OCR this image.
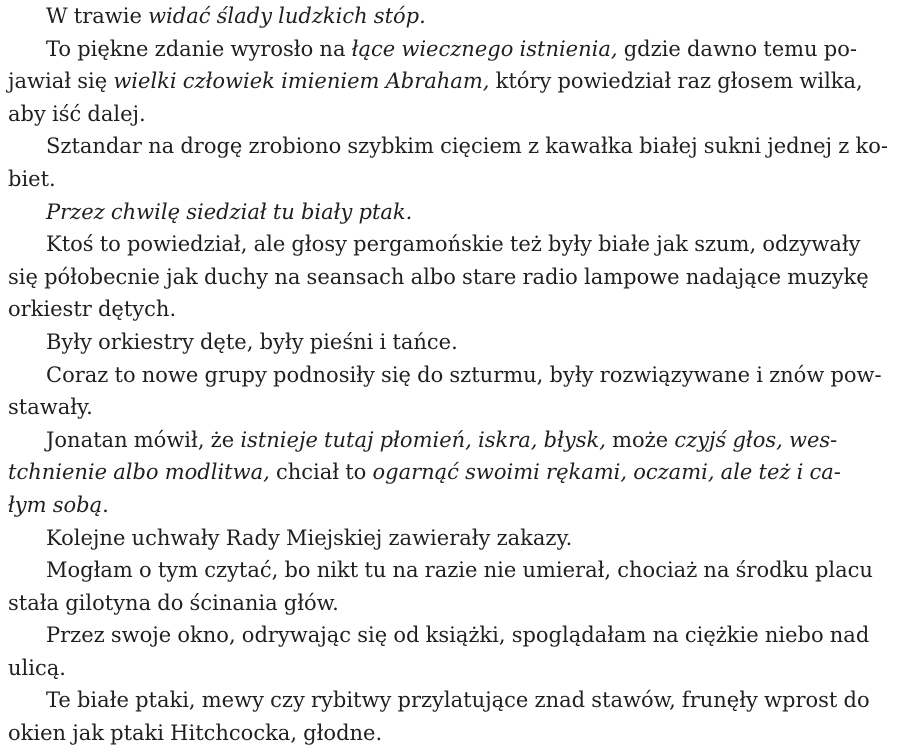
W trawie widać ślady ludzkich stóp.

To piękne zdanie wyrosło na łące wiecznego istnienia, gdzie dawno temu po-
jawiał się wielki człowiek imieniem Abraham, który powiedział raz głosem wilka,
aby iść dalej.

Sztandar na drogę zrobiono szybkim cięciem z kawałka białej sukni jednej z ko-
biet.

Przez chwilę siedział tu biały ptak.

Ktoś to powiedział, ale głosy pergamońskie też były białe jak szum, odzywały
się półobecnie jak duchy na seansach albo stare radio lampowe nadające muzykę
orkiestr dętych.

Były orkiestry dęte, były pieśni i tańce.

Coraz to nowe grupy podnosiły się do szturmu, były rozwiązywane i znów pow-
stawały.

Jonatan mówił, że istnieje tutaj płomień, iskra, błysk, może czyjś głos, wes-
tchnienie albo modlitwa, chciał to ogarnąć swoimi rękami, oczami, ale też i ca-
łym sobą.

Kolejne uchwały Rady Miejskiej zawierały zakazy.

Mogłam o tym czytać, bo nikt tu na razie nie umierał, chociaż na środku placu
stała gilotyna do ścinania głów.

Przez swoje okno, odrywając się od książki, spoglądałam na ciężkie niebo nad
ulicą.

Te białe ptaki, mewy czy rybitwy przylatujące znad stawów, frunęły wprost do
okien jak ptaki Hitchcocka, głodne.
